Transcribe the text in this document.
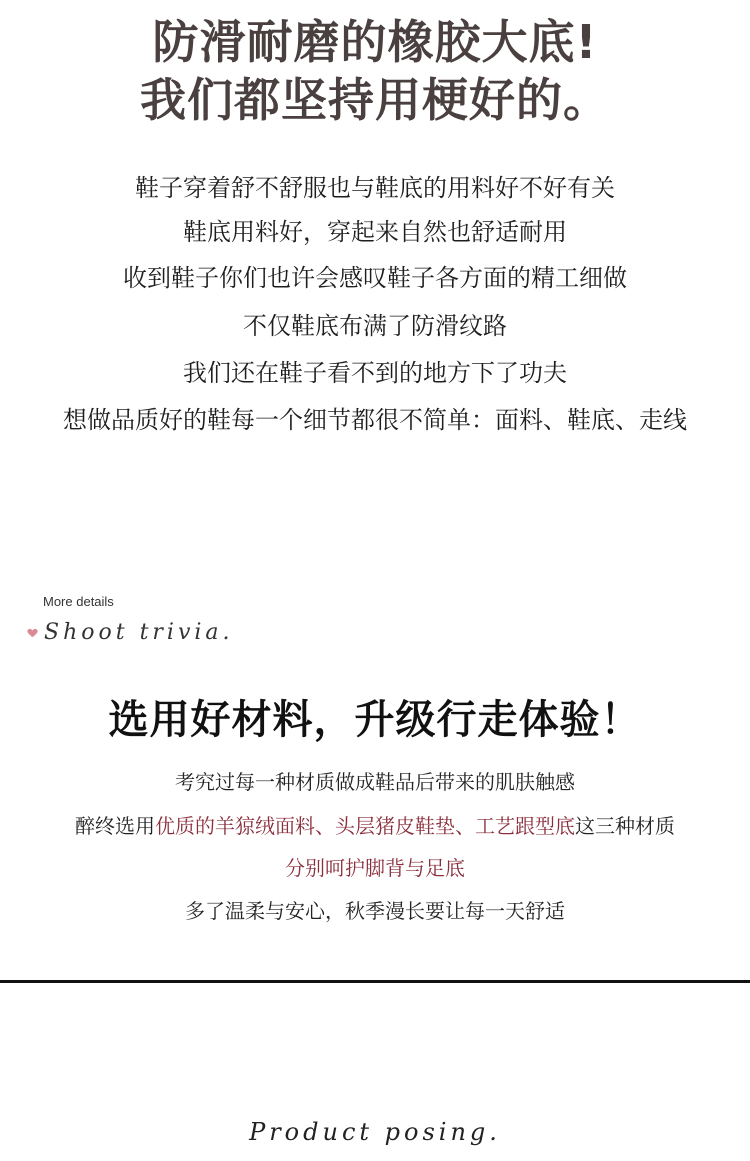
防滑耐磨的橡胶大底!
我们都坚持用梗好的。
鞋子穿着舒不舒服也与鞋底的用料好不好有关
鞋底用料好，穿起来自然也舒适耐用
收到鞋子你们也许会感叹鞋子各方面的精工细做
不仅鞋底布满了防滑纹路
我们还在鞋子看不到的地方下了功夫
想做品质好的鞋每一个细节都很不简单：面料、鞋底、走线
More details
Shoot trivia.
选用好材料，升级行走体验！
考究过每一种材质做成鞋品后带来的肌肤触感
醉终选用优质的羊猄绒面料、头层猪皮鞋垫、工艺跟型底这三种材质
分别呵护脚背与足底
多了温柔与安心，秋季漫长要让每一天舒适
Product posing.
